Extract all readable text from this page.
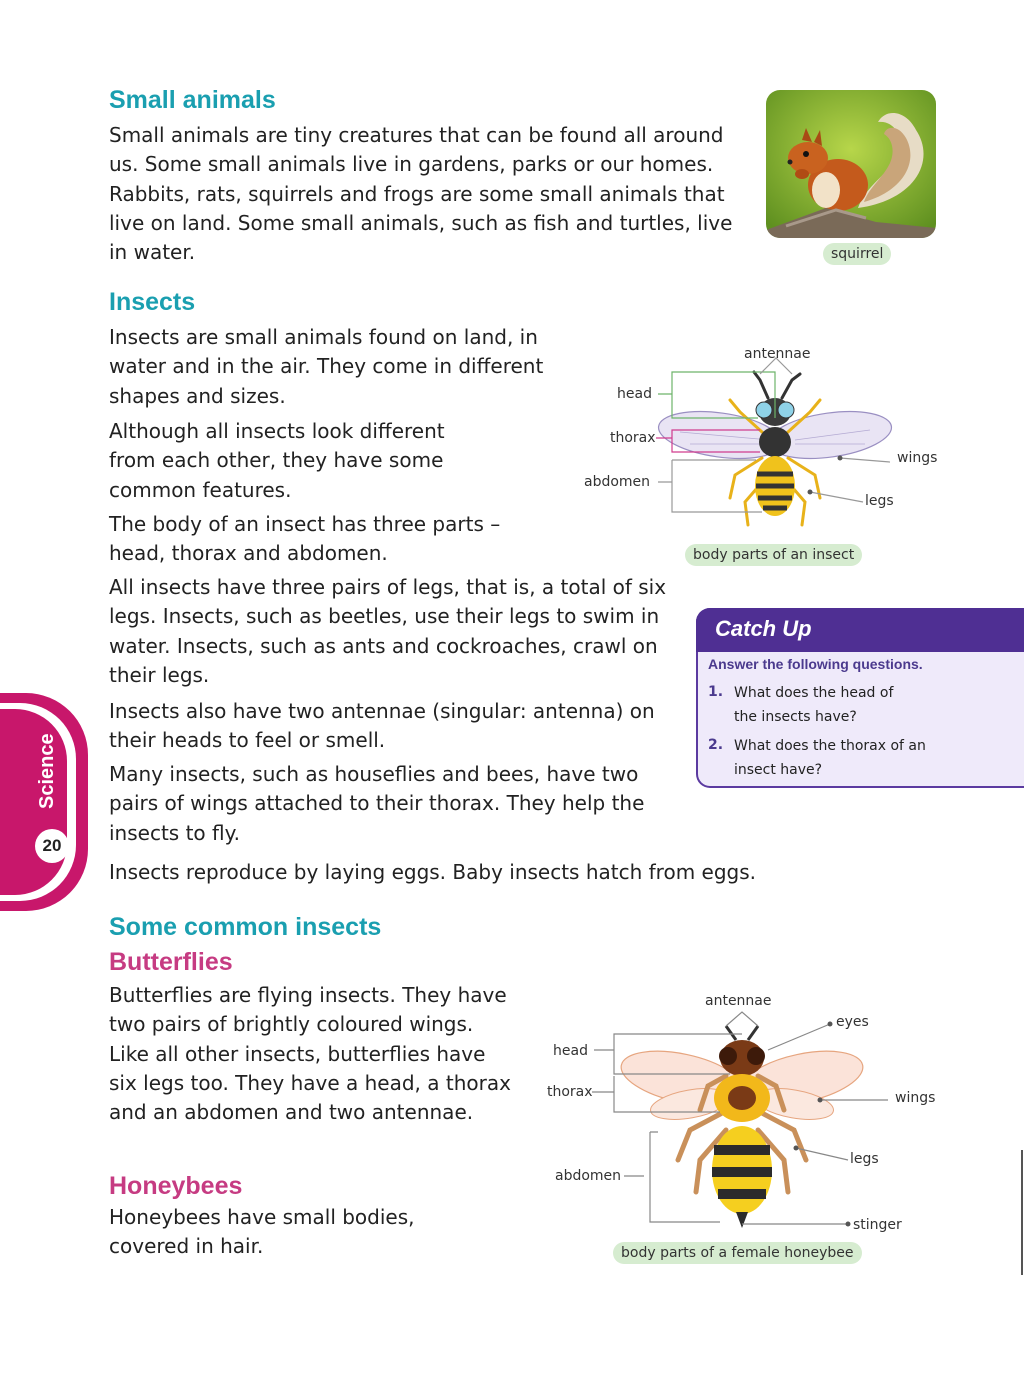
Small animals

Small animals are tiny creatures that can be found all around us. Some small animals live in gardens, parks or our homes. Rabbits, rats, squirrels and frogs are some small animals that live on land. Some small animals, such as fish and turtles, live in water.	squirrel
Insects

Insects are small animals found on land, in water and in the air. They come in different shapes and sizes.

Although all insects look different from each other, they have some common features.

The body of an insect has three parts – head, thorax and abdomen.

All insects have three pairs of legs, that is, a total of six legs. Insects, such as beetles, use their legs to swim in water. Insects, such as ants and cockroaches, crawl on their legs.

Insects also have two antennae (singular: antenna) on their heads to feel or smell.

Many insects, such as houseflies and bees, have two pairs of wings attached to their thorax. They help the insects to fly.

Insects reproduce by laying eggs. Baby insects hatch from eggs.

antennae
head
thorax
abdomen
wings
legs
body parts of an insect
Catch Up
Answer the following questions.
1. What does the head of the insects have?
2. What does the thorax of an insect have?
Science
20
Some common insects
Butterflies

Butterflies are flying insects. They have two pairs of brightly coloured wings. Like all other insects, butterflies have six legs too. They have a head, a thorax and an abdomen and two antennae.

Honeybees

Honeybees have small bodies, covered in hair.

antennae
eyes
head
thorax	wings
legs
abdomen
stinger
body parts of a female honeybee
